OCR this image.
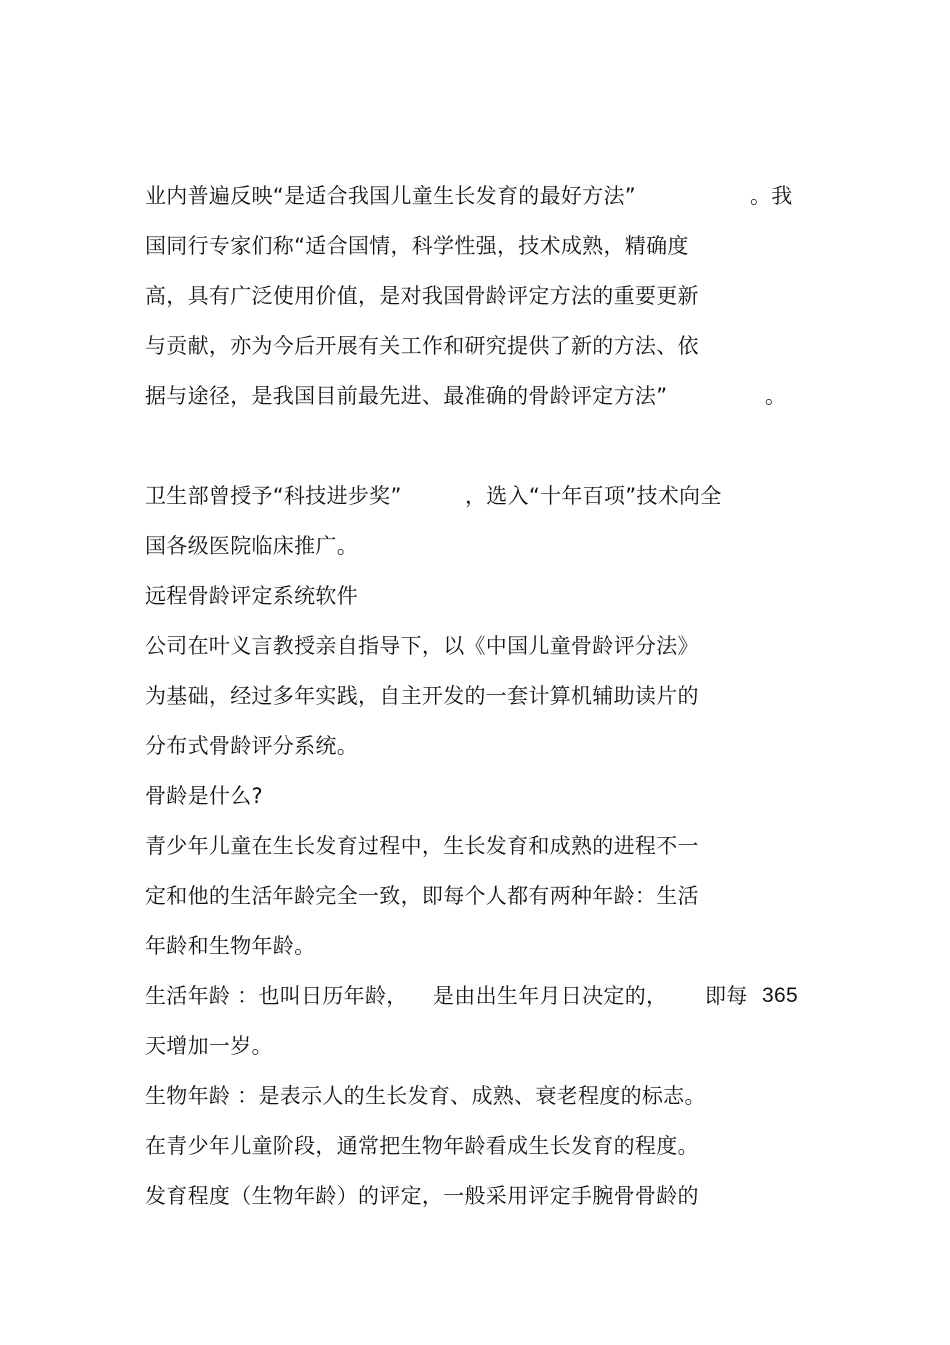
业内普遍反映“是适合我国儿童生长发育的最好方法”	。我
国同行专家们称“适合国情，科学性强，技术成熟，精确度
高，具有广泛使用价值，是对我国骨龄评定方法的重要更新
与贡献，亦为今后开展有关工作和研究提供了新的方法、依
据与途径，是我国目前最先进、最准确的骨龄评定方法”	。
卫生部曾授予“科技进步奖”	，选入“十年百项”技术向全
国各级医院临床推广。
远程骨龄评定系统软件
公司在叶义言教授亲自指导下，以《中国儿童骨龄评分法》
为基础，经过多年实践，自主开发的一套计算机辅助读片的
分布式骨龄评分系统。
骨龄是什么?
青少年儿童在生长发育过程中，生长发育和成熟的进程不一
定和他的生活年龄完全一致，即每个人都有两种年龄：生活
年龄和生物年龄。
生活年龄 ：也叫日历年龄， 是由出生年月日决定的， 即每 365
天增加一岁。
生物年龄 ：是表示人的生长发育、成熟、衰老程度的标志。
在青少年儿童阶段，通常把生物年龄看成生长发育的程度。
发育程度（生物年龄）的评定，一般采用评定手腕骨骨龄的
